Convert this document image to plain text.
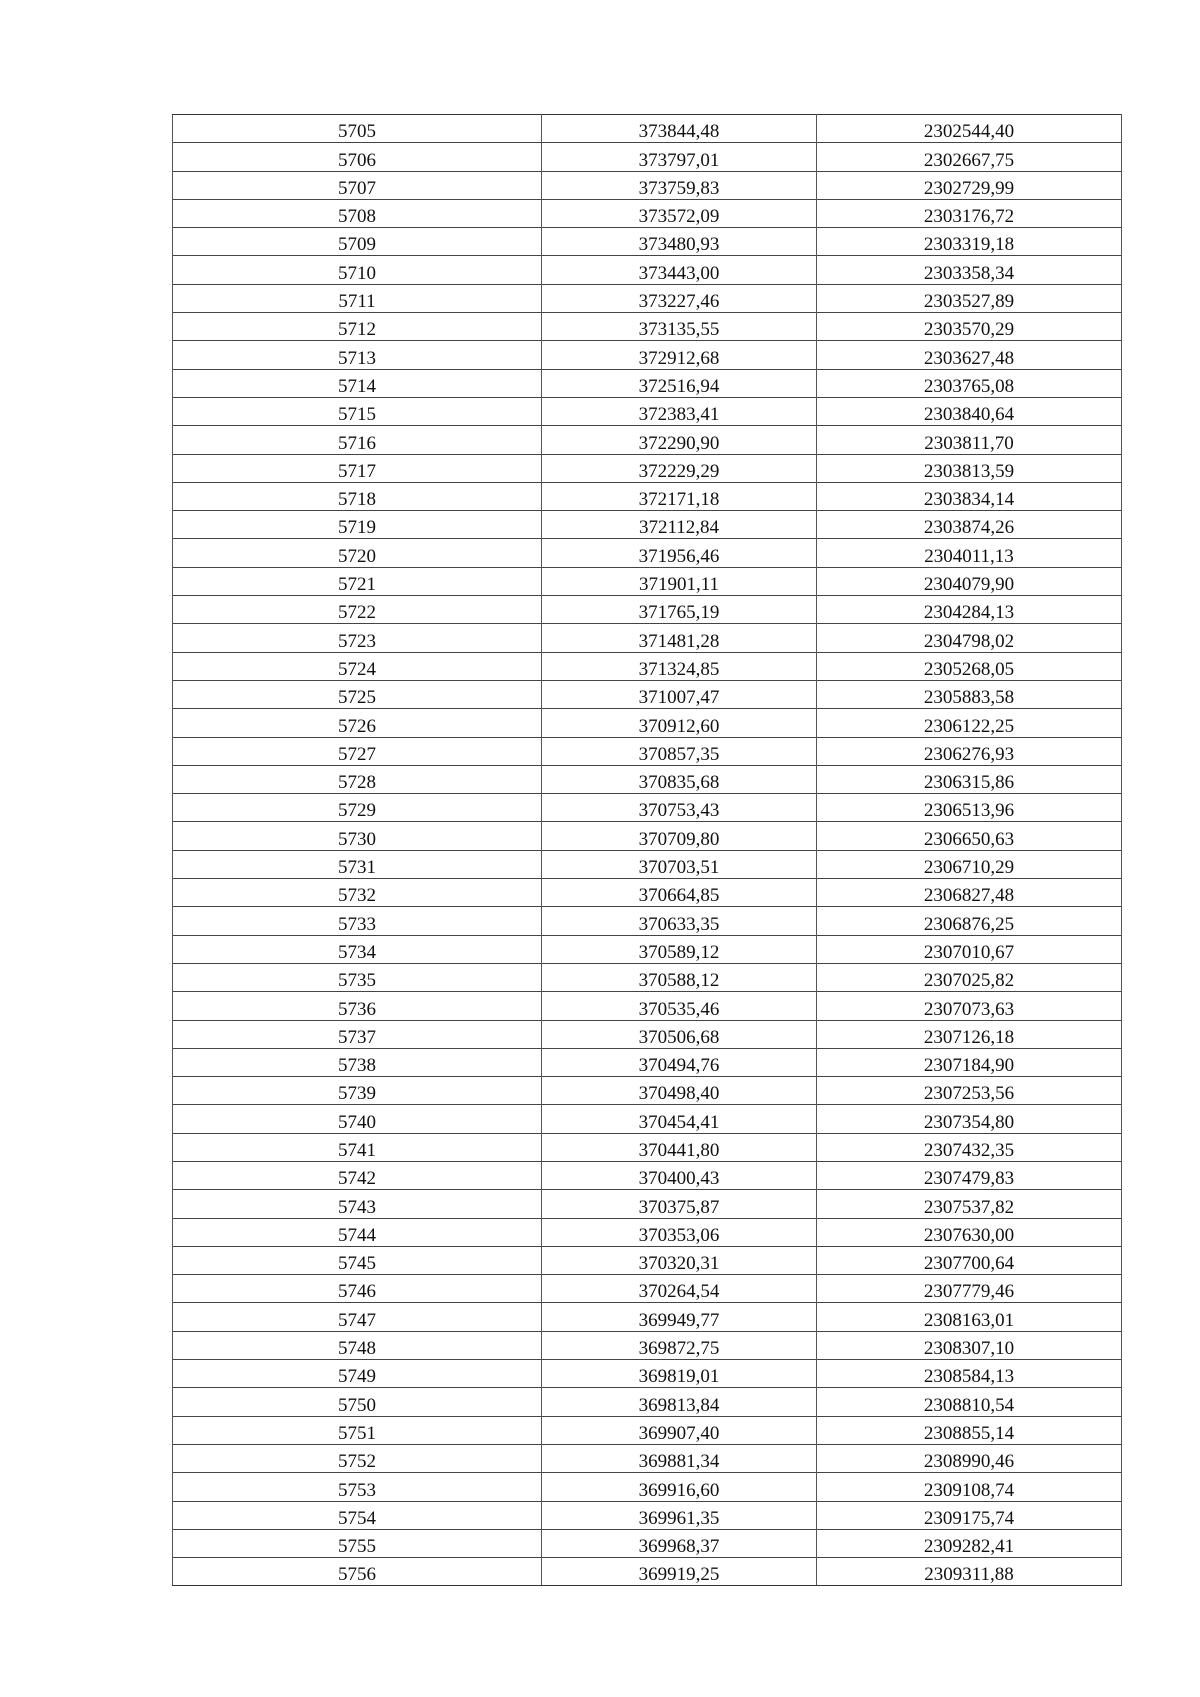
5705	373844,48	2302544,40
5706	373797,01	2302667,75
5707	373759,83	2302729,99
5708	373572,09	2303176,72
5709	373480,93	2303319,18
5710	373443,00	2303358,34
5711	373227,46	2303527,89
5712	373135,55	2303570,29
5713	372912,68	2303627,48
5714	372516,94	2303765,08
5715	372383,41	2303840,64
5716	372290,90	2303811,70
5717	372229,29	2303813,59
5718	372171,18	2303834,14
5719	372112,84	2303874,26
5720	371956,46	2304011,13
5721	371901,11	2304079,90
5722	371765,19	2304284,13
5723	371481,28	2304798,02
5724	371324,85	2305268,05
5725	371007,47	2305883,58
5726	370912,60	2306122,25
5727	370857,35	2306276,93
5728	370835,68	2306315,86
5729	370753,43	2306513,96
5730	370709,80	2306650,63
5731	370703,51	2306710,29
5732	370664,85	2306827,48
5733	370633,35	2306876,25
5734	370589,12	2307010,67
5735	370588,12	2307025,82
5736	370535,46	2307073,63
5737	370506,68	2307126,18
5738	370494,76	2307184,90
5739	370498,40	2307253,56
5740	370454,41	2307354,80
5741	370441,80	2307432,35
5742	370400,43	2307479,83
5743	370375,87	2307537,82
5744	370353,06	2307630,00
5745	370320,31	2307700,64
5746	370264,54	2307779,46
5747	369949,77	2308163,01
5748	369872,75	2308307,10
5749	369819,01	2308584,13
5750	369813,84	2308810,54
5751	369907,40	2308855,14
5752	369881,34	2308990,46
5753	369916,60	2309108,74
5754	369961,35	2309175,74
5755	369968,37	2309282,41
5756	369919,25	2309311,88
